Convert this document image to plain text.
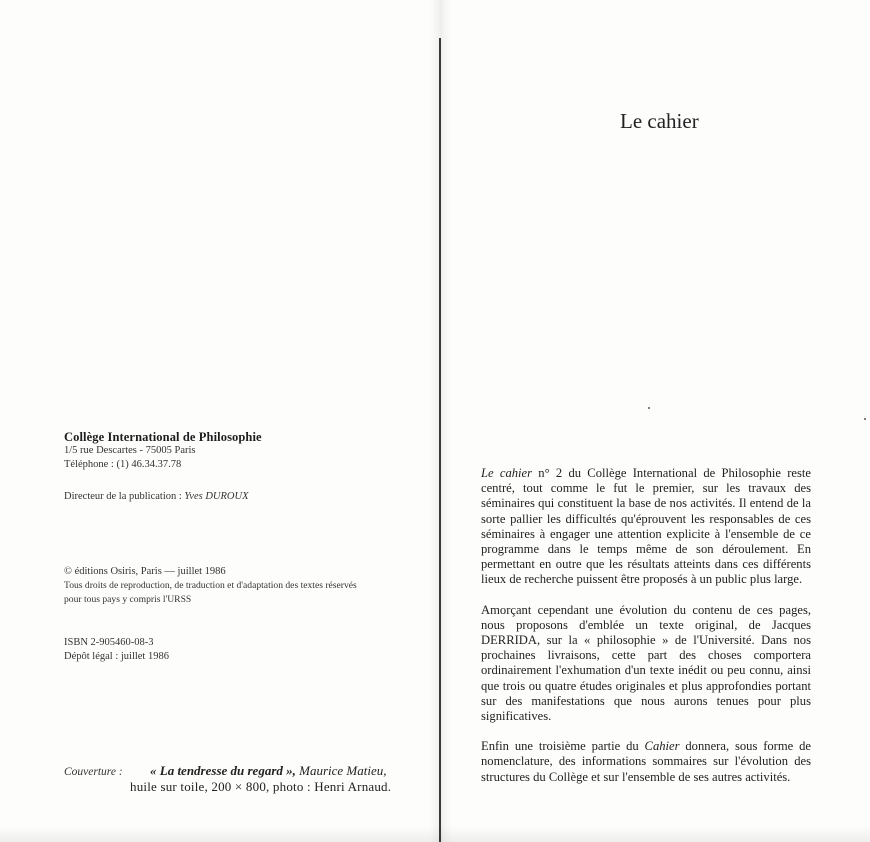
Collège International de Philosophie
1/5 rue Descartes - 75005 Paris
Téléphone : (1) 46.34.37.78
Directeur de la publication : Yves DUROUX
© éditions Osiris, Paris — juillet 1986
Tous droits de reproduction, de traduction et d'adaptation des textes réservés
pour tous pays y compris l'URSS
ISBN 2-905460-08-3
Dépôt légal : juillet 1986
Couverture : « La tendresse du regard », Maurice Matieu,
huile sur toile, 200 × 800, photo : Henri Arnaud.
Le cahier

Le cahier n° 2 du Collège International de Philosophie reste centré, tout comme le fut le premier, sur les travaux des séminaires qui constituent la base de nos activités. Il entend de la sorte pallier les difficultés qu'éprouvent les responsables de ces séminaires à engager une attention explicite à l'ensemble de ce programme dans le temps même de son déroulement. En permettant en outre que les résultats atteints dans ces différents lieux de recherche puissent être proposés à un public plus large.

Amorçant cependant une évolution du contenu de ces pages, nous proposons d'emblée un texte original, de Jacques DERRIDA, sur la « philosophie » de l'Université. Dans nos prochaines livraisons, cette part des choses comportera ordinairement l'exhumation d'un texte inédit ou peu connu, ainsi que trois ou quatre études originales et plus approfondies portant sur des manifestations que nous aurons tenues pour plus significatives.

Enfin une troisième partie du Cahier donnera, sous forme de nomenclature, des informations sommaires sur l'évolution des structures du Collège et sur l'ensemble de ses autres activités.
